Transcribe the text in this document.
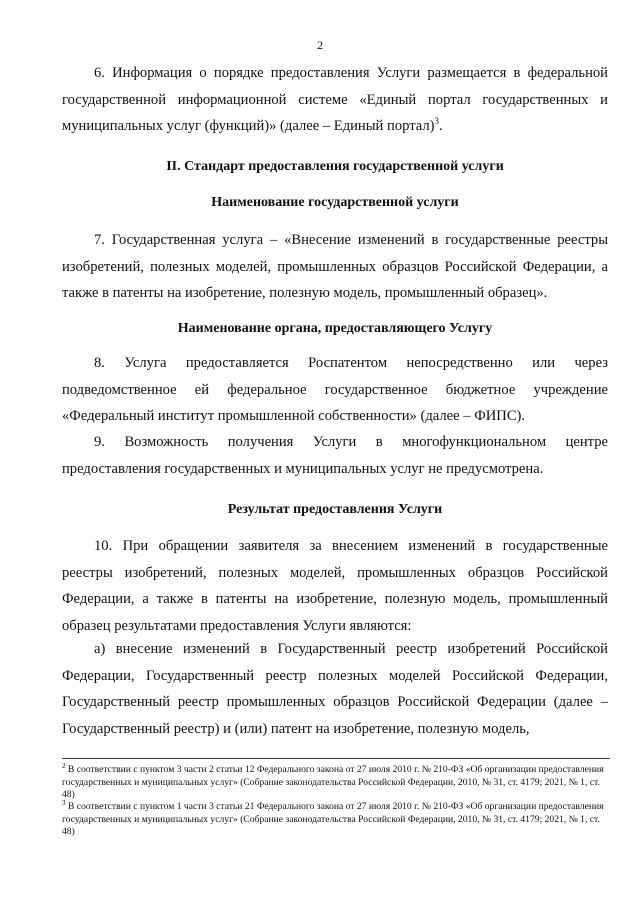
2

6. Информация о порядке предоставления Услуги размещается в федеральной государственной информационной системе «Единый портал государственных и муниципальных услуг (функций)» (далее – Единый портал)$^3$.

II. Стандарт предоставления государственной услуги

Наименование государственной услуги

7. Государственная услуга – «Внесение изменений в государственные реестры изобретений, полезных моделей, промышленных образцов Российской Федерации, а также в патенты на изобретение, полезную модель, промышленный образец».

Наименование органа, предоставляющего Услугу

8. Услуга предоставляется Роспатентом непосредственно или через подведомственное ей федеральное государственное бюджетное учреждение «Федеральный институт промышленной собственности» (далее – ФИПС).

9. Возможность получения Услуги в многофункциональном центре предоставления государственных и муниципальных услуг не предусмотрена.

Результат предоставления Услуги

10. При обращении заявителя за внесением изменений в государственные реестры изобретений, полезных моделей, промышленных образцов Российской Федерации, а также в патенты на изобретение, полезную модель, промышленный образец результатами предоставления Услуги являются:

а) внесение изменений в Государственный реестр изобретений Российской Федерации, Государственный реестр полезных моделей Российской Федерации, Государственный реестр промышленных образцов Российской Федерации (далее – Государственный реестр) и (или) патент на изобретение, полезную модель,

$^2$ В соответствии с пунктом 3 части 2 статьи 12 Федерального закона от 27 июля 2010 г. № 210-ФЗ «Об организации предоставления государственных и муниципальных услуг» (Собрание законодательства Российской Федерации, 2010, № 31, ст. 4179; 2021, № 1, ст. 48)

$^3$ В соответствии с пунктом 1 части 3 статьи 21 Федерального закона от 27 июля 2010 г. № 210-ФЗ «Об организации предоставления государственных и муниципальных услуг» (Собрание законодательства Российской Федерации, 2010, № 31, ст. 4179; 2021, № 1, ст. 48)
